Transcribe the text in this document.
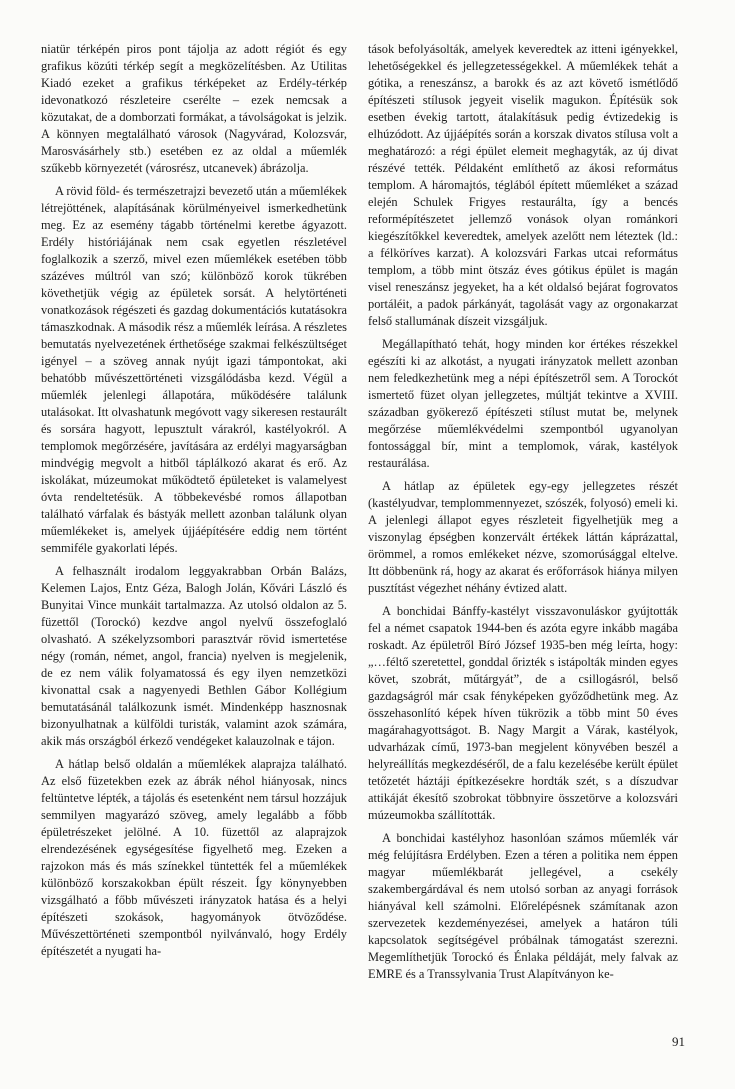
niatür térképén piros pont tájolja az adott régiót és egy grafikus közúti térkép segít a megközelítésben. Az Utilitas Kiadó ezeket a grafikus térképeket az Erdély-térkép idevonatkozó részleteire cserélte – ezek nemcsak a közutakat, de a domborzati formákat, a távolságokat is jelzik. A könnyen megtalálható városok (Nagyvárad, Kolozsvár, Marosvásárhely stb.) esetében ez az oldal a műemlék szűkebb környezetét (városrész, utcanevek) ábrázolja.

A rövid föld- és természetrajzi bevezető után a műemlékek létrejöttének, alapításának körülményeivel ismerkedhetünk meg. Ez az esemény tágabb történelmi keretbe ágyazott. Erdély históriájának nem csak egyetlen részletével foglalkozik a szerző, mivel ezen műemlékek esetében több százéves múltról van szó; különböző korok tükrében követhetjük végig az épületek sorsát. A helytörténeti vonatkozások régészeti és gazdag dokumentációs kutatásokra támaszkodnak. A második rész a műemlék leírása. A részletes bemutatás nyelvezetének érthetősége szakmai felkészültséget igényel – a szöveg annak nyújt igazi támpontokat, aki behatóbb művészettörténeti vizsgálódásba kezd. Végül a műemlék jelenlegi állapotára, működésére találunk utalásokat. Itt olvashatunk megóvott vagy sikeresen restaurált és sorsára hagyott, lepusztult várakról, kastélyokról. A templomok megőrzésére, javítására az erdélyi magyarságban mindvégig megvolt a hitből táplálkozó akarat és erő. Az iskolákat, múzeumokat működtető épületeket is valamelyest óvta rendeltetésük. A többekevésbé romos állapotban található várfalak és bástyák mellett azonban találunk olyan műemlékeket is, amelyek újjáépítésére eddig nem történt semmiféle gyakorlati lépés.

A felhasznált irodalom leggyakrabban Orbán Balázs, Kelemen Lajos, Entz Géza, Balogh Jolán, Kővári László és Bunyitai Vince munkáit tartalmazza. Az utolsó oldalon az 5. füzettől (Torockó) kezdve angol nyelvű összefoglaló olvasható. A székelyzsombori parasztvár rövid ismertetése négy (román, német, angol, francia) nyelven is megjelenik, de ez nem válik folyamatossá és egy ilyen nemzetközi kivonattal csak a nagyenyedi Bethlen Gábor Kollégium bemutatásánál találkozunk ismét. Mindenképp hasznosnak bizonyulhatnak a külföldi turisták, valamint azok számára, akik más országból érkező vendégeket kalauzolnak e tájon.

A hátlap belső oldalán a műemlékek alaprajza található. Az első füzetekben ezek az ábrák néhol hiányosak, nincs feltüntetve lépték, a tájolás és esetenként nem társul hozzájuk semmilyen magyarázó szöveg, amely legalább a főbb épületrészeket jelölné. A 10. füzettől az alaprajzok elrendezésének egységesítése figyelhető meg. Ezeken a rajzokon más és más színekkel tüntették fel a műemlékek különböző korszakokban épült részeit. Így könynyebben vizsgálható a főbb művészeti irányzatok hatása és a helyi építészeti szokások, hagyományok ötvöződése. Művészettörténeti szempontból nyilvánvaló, hogy Erdély építészetét a nyugati ha-

tások befolyásolták, amelyek keveredtek az itteni igényekkel, lehetőségekkel és jellegzetességekkel. A műemlékek tehát a gótika, a reneszánsz, a barokk és az azt követő ismétlődő építészeti stílusok jegyeit viselik magukon. Építésük sok esetben évekig tartott, átalakításuk pedig évtizedekig is elhúzódott. Az újjáépítés során a korszak divatos stílusa volt a meghatározó: a régi épület elemeit meghagyták, az új divat részévé tették. Példaként említhető az ákosi református templom. A háromajtós, téglából épített műemléket a század elején Schulek Frigyes restaurálta, így a bencés reformépítészetet jellemző vonások olyan románkori kiegészítőkkel keveredtek, amelyek azelőtt nem léteztek (ld.: a félköríves karzat). A kolozsvári Farkas utcai református templom, a több mint ötszáz éves gótikus épület is magán visel reneszánsz jegyeket, ha a két oldalsó bejárat fogrovatos portáléit, a padok párkányát, tagolását vagy az orgonakarzat felső stallumának díszeit vizsgáljuk.

Megállapítható tehát, hogy minden kor értékes részekkel egészíti ki az alkotást, a nyugati irányzatok mellett azonban nem feledkezhetünk meg a népi építészetről sem. A Torockót ismertető füzet olyan jellegzetes, múltját tekintve a XVIII. században gyökerező építészeti stílust mutat be, melynek megőrzése műemlékvédelmi szempontból ugyanolyan fontossággal bír, mint a templomok, várak, kastélyok restaurálása.

A hátlap az épületek egy-egy jellegzetes részét (kastélyudvar, templommennyezet, szószék, folyosó) emeli ki. A jelenlegi állapot egyes részleteit figyelhetjük meg a viszonylag épségben konzervált értékek láttán káprázattal, örömmel, a romos emlékeket nézve, szomorúsággal eltelve. Itt döbbenünk rá, hogy az akarat és erőforrások hiánya milyen pusztítást végezhet néhány évtized alatt.

A bonchidai Bánffy-kastélyt visszavonuláskor gyújtották fel a német csapatok 1944-ben és azóta egyre inkább magába roskadt. Az épületről Bíró József 1935-ben még leírta, hogy: „…féltő szeretettel, gonddal őrizték s istápolták minden egyes követ, szobrát, műtárgyát”, de a csillogásról, belső gazdagságról már csak fényképeken győződhetünk meg. Az összehasonlító képek híven tükrözik a több mint 50 éves magárahagyottságot. B. Nagy Margit a Várak, kastélyok, udvarházak című, 1973-ban megjelent könyvében beszél a helyreállítás megkezdéséről, de a falu kezelésébe került épület tetőzetét háztáji építkezésekre hordták szét, s a díszudvar attikáját ékesítő szobrokat többnyire összetörve a kolozsvári múzeumokba szállították.

A bonchidai kastélyhoz hasonlóan számos műemlék vár még felújításra Erdélyben. Ezen a téren a politika nem éppen magyar műemlékbarát jellegével, a csekély szakembergárdával és nem utolsó sorban az anyagi források hiányával kell számolni. Előrelépésnek számítanak azon szervezetek kezdeményezései, amelyek a határon túli kapcsolatok segítségével próbálnak támogatást szerezni. Megemlíthetjük Torockó és Énlaka példáját, mely falvak az EMRE és a Transsylvania Trust Alapítványon ke-

91
